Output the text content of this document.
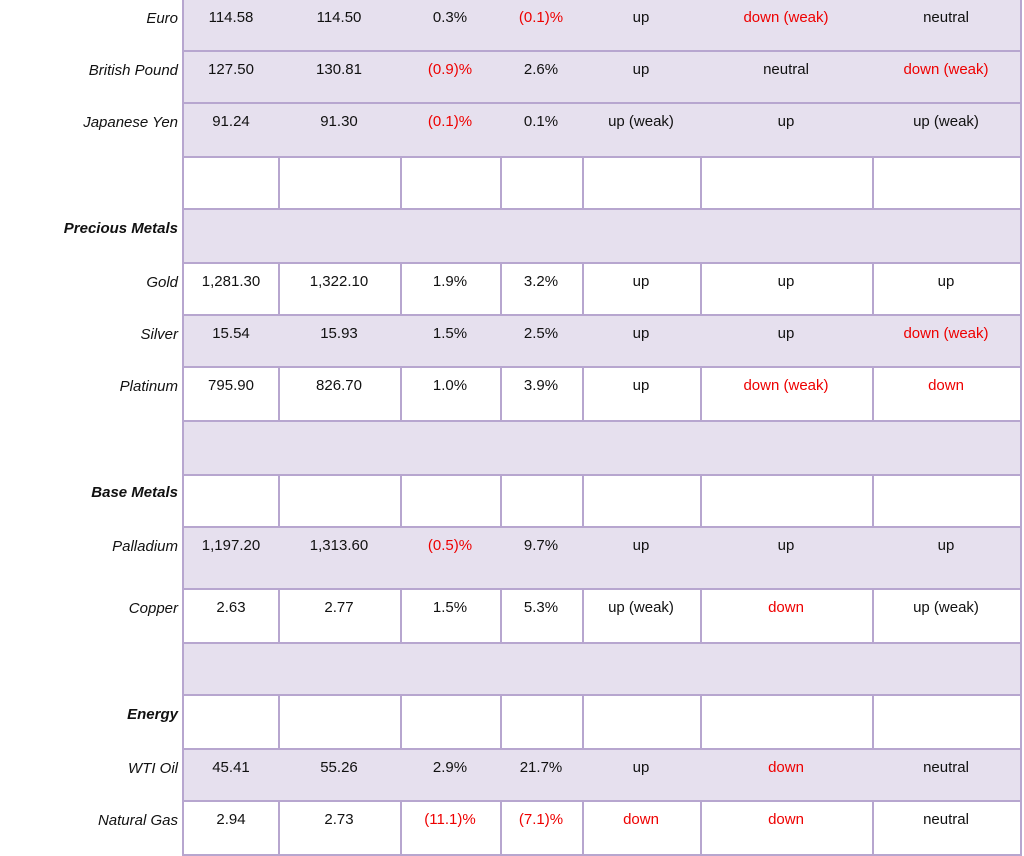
Euro	114.58	114.50	0.3%	(0.1)%	up	down (weak)	neutral
British Pound	127.50	130.81	(0.9)%	2.6%	up	neutral	down (weak)
Japanese Yen	91.24	91.30	(0.1)%	0.1%	up (weak)	up	up (weak)
Precious Metals
Gold	1,281.30	1,322.10	1.9%	3.2%	up	up	up
Silver	15.54	15.93	1.5%	2.5%	up	up	down (weak)
Platinum	795.90	826.70	1.0%	3.9%	up	down (weak)	down
Base Metals
Palladium	1,197.20	1,313.60	(0.5)%	9.7%	up	up	up
Copper	2.63	2.77	1.5%	5.3%	up (weak)	down	up (weak)
Energy
WTI Oil	45.41	55.26	2.9%	21.7%	up	down	neutral
Natural Gas	2.94	2.73	(11.1)%	(7.1)%	down	down	neutral
